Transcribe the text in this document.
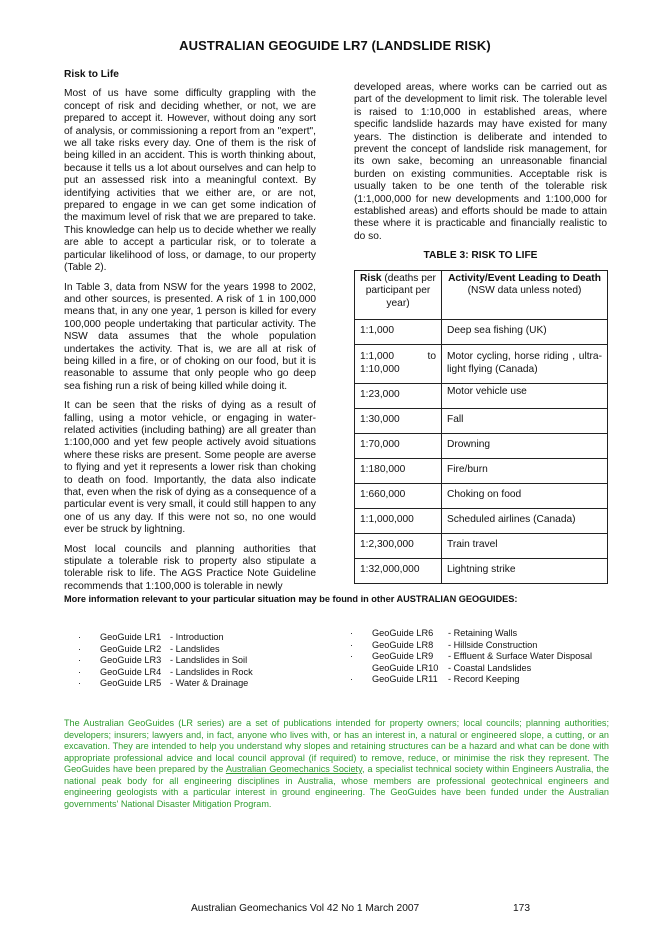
AUSTRALIAN GEOGUIDE LR7 (LANDSLIDE RISK)

Risk to Life

Most of us have some difficulty grappling with the concept of risk and deciding whether, or not, we are prepared to accept it. However, without doing any sort of analysis, or commissioning a report from an "expert", we all take risks every day. One of them is the risk of being killed in an accident. This is worth thinking about, because it tells us a lot about ourselves and can help to put an assessed risk into a meaningful context. By identifying activities that we either are, or are not, prepared to engage in we can get some indication of the maximum level of risk that we are prepared to take. This knowledge can help us to decide whether we really are able to accept a particular risk, or to tolerate a particular likelihood of loss, or damage, to our property (Table 2).

In Table 3, data from NSW for the years 1998 to 2002, and other sources, is presented. A risk of 1 in 100,000 means that, in any one year, 1 person is killed for every 100,000 people undertaking that particular activity. The NSW data assumes that the whole population undertakes the activity. That is, we are all at risk of being killed in a fire, or of choking on our food, but it is reasonable to assume that only people who go deep sea fishing run a risk of being killed while doing it.

It can be seen that the risks of dying as a result of falling, using a motor vehicle, or engaging in water-related activities (including bathing) are all greater than 1:100,000 and yet few people actively avoid situations where these risks are present. Some people are averse to flying and yet it represents a lower risk than choking to death on food. Importantly, the data also indicate that, even when the risk of dying as a consequence of a particular event is very small, it could still happen to any one of us any day. If this were not so, no one would ever be struck by lightning.

Most local councils and planning authorities that stipulate a tolerable risk to property also stipulate a tolerable risk to life. The AGS Practice Note Guideline recommends that 1:100,000 is tolerable in newly

developed areas, where works can be carried out as part of the development to limit risk. The tolerable level is raised to 1:10,000 in established areas, where specific landslide hazards may have existed for many years. The distinction is deliberate and intended to prevent the concept of landslide risk management, for its own sake, becoming an unreasonable financial burden on existing communities. Acceptable risk is usually taken to be one tenth of the tolerable risk (1:1,000,000 for new developments and 1:100,000 for established areas) and efforts should be made to attain these where it is practicable and financially realistic to do so.

TABLE 3: RISK TO LIFE
Risk (deaths per participant per year)	Activity/Event Leading to Death
(NSW data unless noted)
1:1,000	Deep sea fishing (UK)

1:1,000 to
1:10,000	Motor cycling, horse riding , ultra-light flying (Canada)
1:23,000	Motor vehicle use
1:30,000	Fall
1:70,000	Drowning
1:180,000	Fire/burn
1:660,000	Choking on food
1:1,000,000	Scheduled airlines (Canada)
1:2,300,000	Train travel
1:32,000,000	Lightning strike
More information relevant to your particular situation may be found in other AUSTRALIAN GEOGUIDES:
·	GeoGuide LR1 - Introduction
·	GeoGuide LR2 - Landslides
·	GeoGuide LR3 - Landslides in Soil
·	GeoGuide LR4 - Landslides in Rock
·	GeoGuide LR5 - Water & Drainage
·	GeoGuide LR6	- Retaining Walls
·	GeoGuide LR8	- Hillside Construction
·	GeoGuide LR9	- Effluent & Surface Water Disposal
GeoGuide LR10	- Coastal Landslides
·	GeoGuide LR11	- Record Keeping
The Australian GeoGuides (LR series) are a set of publications intended for property owners; local councils; planning authorities; developers; insurers; lawyers and, in fact, anyone who lives with, or has an interest in, a natural or engineered slope, a cutting, or an excavation. They are intended to help you understand why slopes and retaining structures can be a hazard and what can be done with appropriate professional advice and local council approval (if required) to remove, reduce, or minimise the risk they represent. The GeoGuides have been prepared by the Australian Geomechanics Society, a specialist technical society within Engineers Australia, the national peak body for all engineering disciplines in Australia, whose members are professional geotechnical engineers and engineering geologists with a particular interest in ground engineering. The GeoGuides have been funded under the Australian governments' National Disaster Mitigation Program.
Australian Geomechanics Vol 42 No 1 March 2007	173
